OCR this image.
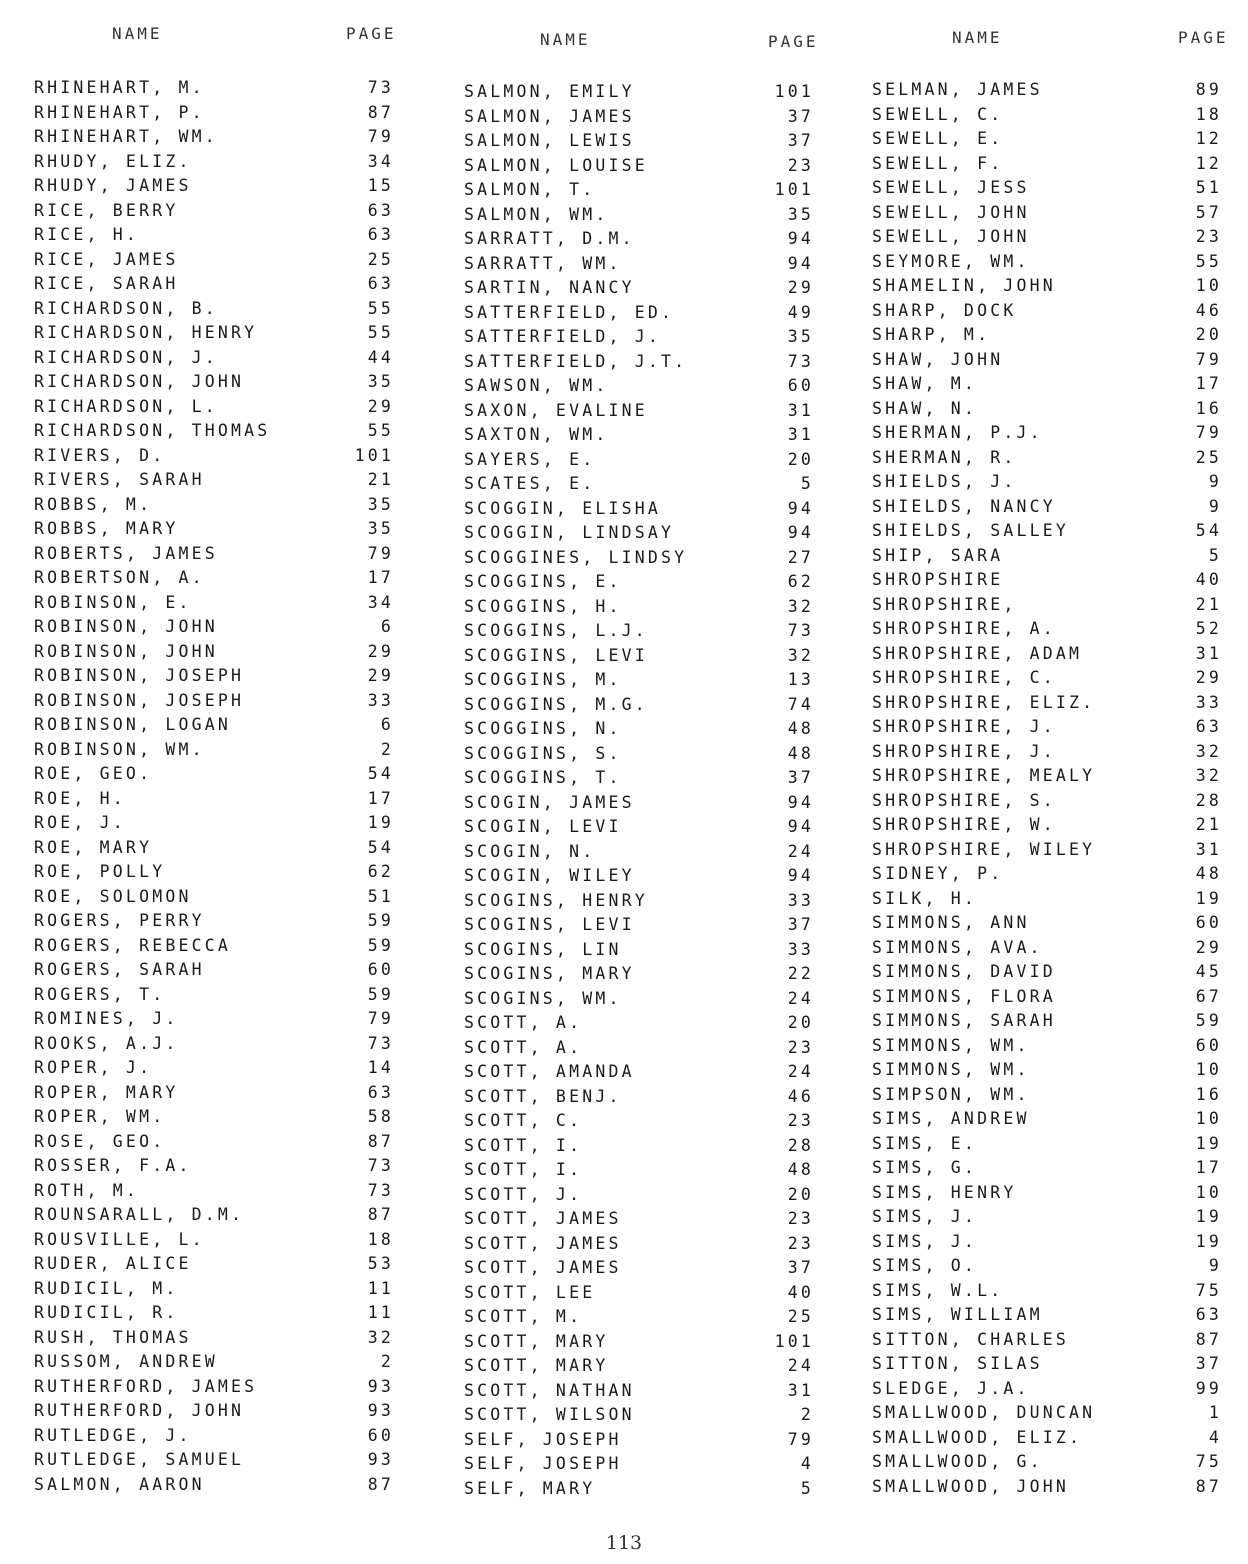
NAME	PAGE
RHINEHART, M.	73
RHINEHART, P.	87
RHINEHART, WM.	79
RHUDY, ELIZ.	34
RHUDY, JAMES	15
RICE, BERRY	63
RICE, H.	63
RICE, JAMES	25
RICE, SARAH	63
RICHARDSON, B.	55
RICHARDSON, HENRY	55
RICHARDSON, J.	44
RICHARDSON, JOHN	35
RICHARDSON, L.	29
RICHARDSON, THOMAS	55
RIVERS, D.	101
RIVERS, SARAH	21
ROBBS, M.	35
ROBBS, MARY	35
ROBERTS, JAMES	79
ROBERTSON, A.	17
ROBINSON, E.	34
ROBINSON, JOHN	6
ROBINSON, JOHN	29
ROBINSON, JOSEPH	29
ROBINSON, JOSEPH	33
ROBINSON, LOGAN	6
ROBINSON, WM.	2
ROE, GEO.	54
ROE, H.	17
ROE, J.	19
ROE, MARY	54
ROE, POLLY	62
ROE, SOLOMON	51
ROGERS, PERRY	59
ROGERS, REBECCA	59
ROGERS, SARAH	60
ROGERS, T.	59
ROMINES, J.	79
ROOKS, A.J.	73
ROPER, J.	14
ROPER, MARY	63
ROPER, WM.	58
ROSE, GEO.	87
ROSSER, F.A.	73
ROTH, M.	73
ROUNSARALL, D.M.	87
ROUSVILLE, L.	18
RUDER, ALICE	53
RUDICIL, M.	11
RUDICIL, R.	11
RUSH, THOMAS	32
RUSSOM, ANDREW	2
RUTHERFORD, JAMES	93
RUTHERFORD, JOHN	93
RUTLEDGE, J.	60
RUTLEDGE, SAMUEL	93
SALMON, AARON	87
NAME	PAGE
SALMON, EMILY	101
SALMON, JAMES	37
SALMON, LEWIS	37
SALMON, LOUISE	23
SALMON, T.	101
SALMON, WM.	35
SARRATT, D.M.	94
SARRATT, WM.	94
SARTIN, NANCY	29
SATTERFIELD, ED.	49
SATTERFIELD, J.	35
SATTERFIELD, J.T.	73
SAWSON, WM.	60
SAXON, EVALINE	31
SAXTON, WM.	31
SAYERS, E.	20
SCATES, E.	5
SCOGGIN, ELISHA	94
SCOGGIN, LINDSAY	94
SCOGGINES, LINDSY	27
SCOGGINS, E.	62
SCOGGINS, H.	32
SCOGGINS, L.J.	73
SCOGGINS, LEVI	32
SCOGGINS, M.	13
SCOGGINS, M.G.	74
SCOGGINS, N.	48
SCOGGINS, S.	48
SCOGGINS, T.	37
SCOGIN, JAMES	94
SCOGIN, LEVI	94
SCOGIN, N.	24
SCOGIN, WILEY	94
SCOGINS, HENRY	33
SCOGINS, LEVI	37
SCOGINS, LIN	33
SCOGINS, MARY	22
SCOGINS, WM.	24
SCOTT, A.	20
SCOTT, A.	23
SCOTT, AMANDA	24
SCOTT, BENJ.	46
SCOTT, C.	23
SCOTT, I.	28
SCOTT, I.	48
SCOTT, J.	20
SCOTT, JAMES	23
SCOTT, JAMES	23
SCOTT, JAMES	37
SCOTT, LEE	40
SCOTT, M.	25
SCOTT, MARY	101
SCOTT, MARY	24
SCOTT, NATHAN	31
SCOTT, WILSON	2
SELF, JOSEPH	79
SELF, JOSEPH	4
SELF, MARY	5
NAME	PAGE
SELMAN, JAMES	89
SEWELL, C.	18
SEWELL, E.	12
SEWELL, F.	12
SEWELL, JESS	51
SEWELL, JOHN	57
SEWELL, JOHN	23
SEYMORE, WM.	55
SHAMELIN, JOHN	10
SHARP, DOCK	46
SHARP, M.	20
SHAW, JOHN	79
SHAW, M.	17
SHAW, N.	16
SHERMAN, P.J.	79
SHERMAN, R.	25
SHIELDS, J.	9
SHIELDS, NANCY	9
SHIELDS, SALLEY	54
SHIP, SARA	5
SHROPSHIRE	40
SHROPSHIRE,	21
SHROPSHIRE, A.	52
SHROPSHIRE, ADAM	31
SHROPSHIRE, C.	29
SHROPSHIRE, ELIZ.	33
SHROPSHIRE, J.	63
SHROPSHIRE, J.	32
SHROPSHIRE, MEALY	32
SHROPSHIRE, S.	28
SHROPSHIRE, W.	21
SHROPSHIRE, WILEY	31
SIDNEY, P.	48
SILK, H.	19
SIMMONS, ANN	60
SIMMONS, AVA.	29
SIMMONS, DAVID	45
SIMMONS, FLORA	67
SIMMONS, SARAH	59
SIMMONS, WM.	60
SIMMONS, WM.	10
SIMPSON, WM.	16
SIMS, ANDREW	10
SIMS, E.	19
SIMS, G.	17
SIMS, HENRY	10
SIMS, J.	19
SIMS, J.	19
SIMS, O.	9
SIMS, W.L.	75
SIMS, WILLIAM	63
SITTON, CHARLES	87
SITTON, SILAS	37
SLEDGE, J.A.	99
SMALLWOOD, DUNCAN	1
SMALLWOOD, ELIZ.	4
SMALLWOOD, G.	75
SMALLWOOD, JOHN	87
113
